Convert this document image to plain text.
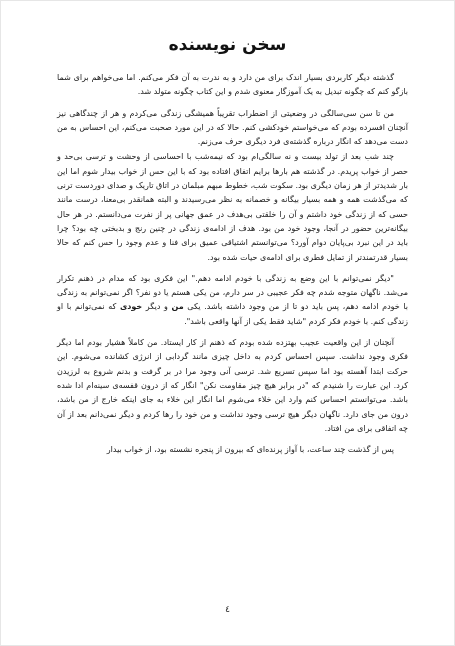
سخن نویسنده

گذشته دیگر کاربردی بسیار اندک برای من دارد و به ندرت به آن فکر می‌کنم. اما می‌خواهم برای شما بازگو کنم که چگونه تبدیل به یک آموزگار معنوی شدم و این کتاب چگونه متولد شد.

من تا سن سی‌سالگی در وضعیتی از اضطراب تقریباً همیشگی زندگی می‌کردم و هر از چندگاهی نیز آنچنان افسرده بودم که می‌خواستم خودکشی کنم. حالا که در این مورد صحبت می‌کنم، این احساس به من دست می‌دهد که انگار درباره گذشته‌ی فرد دیگری حرف می‌زنم.

چند شب بعد از تولد بیست و نه سالگی‌ام بود که نیمه‌شب با احساسی از وحشت و ترسی بی‌حد و حصر از خواب پریدم. در گذشته هم بارها برایم اتفاق افتاده بود که با این حس از خواب بیدار شوم اما این بار شدیدتر از هر زمان دیگری بود. سکوت شب، خطوط مبهم مبلمان در اتاق تاریک و صدای دوردست ترنی که می‌گذشت همه و همه بسیار بیگانه و خصمانه به نظر می‌رسیدند و البته همانقدر بی‌معنا، درست مانند حسی که از زندگی خود داشتم و آن را خلقتی بی‌هدف در عمق جهانی پر از نفرت می‌دانستم. در هر حال بیگانه‌ترین حضور در آنجا، وجود خود من بود. هدف از ادامه‌ی زندگی در چنین رنج و بدبختی چه بود؟ چرا باید در این نبرد بی‌پایان دوام آورد؟ می‌توانستم اشتیاقی عمیق برای فنا و عدم وجود را حس کنم که حالا بسیار قدرتمندتر از تمایل فطری برای ادامه‌ی حیات شده بود.

"دیگر نمی‌توانم با این وضع به زندگی با خودم ادامه دهم." این فکری بود که مدام در ذهنم تکرار می‌شد. ناگهان متوجه شدم چه فکر عجیبی در سر دارم، من یکی هستم یا دو نفر؟ اگر نمی‌توانم به زندگی با خودم ادامه دهم، پس باید دو تا از من وجود داشته باشد. یکی من و دیگر خودی که نمی‌توانم با او زندگی کنم. با خودم فکر کردم "شاید فقط یکی از آنها واقعی باشد".

آنچنان از این واقعیت عجیب بهتزده شده بودم که ذهنم از کار ایستاد. من کاملاً هشیار بودم اما دیگر فکری وجود نداشت. سپس احساس کردم به داخل چیزی مانند گردابی از انرژی کشانده می‌شوم. این حرکت ابتدا آهسته بود اما سپس تسریع شد. ترسی آنی وجود مرا در بر گرفت و بدنم شروع به لرزیدن کرد. این عبارت را شنیدم که "در برابر هیچ چیز مقاومت نکن" انگار که از درون قفسه‌ی سینه‌ام ادا شده باشد. می‌توانستم احساس کنم وارد این خلاء می‌شوم اما انگار این خلاء به جای اینکه خارج از من باشد، درون من جای دارد. ناگهان دیگر هیچ ترسی وجود نداشت و من خود را رها کردم و دیگر نمی‌دانم بعد از آن چه اتفاقی برای من افتاد.

پس از گذشت چند ساعت، با آواز پرنده‌ای که بیرون از پنجره نشسته بود، از خواب بیدار

٤
